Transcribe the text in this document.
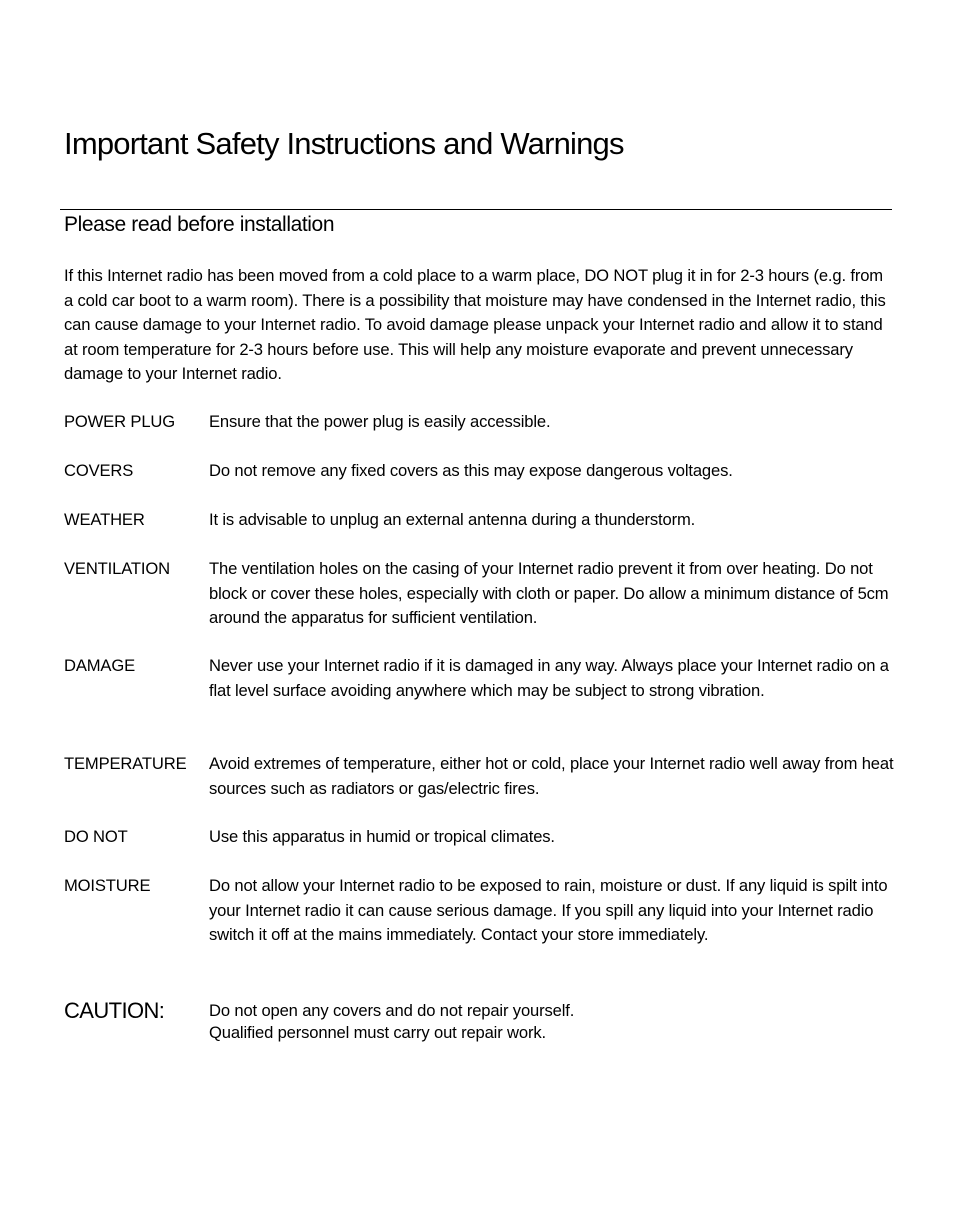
Important Safety Instructions and Warnings
Please read before installation

If this Internet radio has been moved from a cold place to a warm place, DO NOT plug it in for 2-3 hours (e.g. from a cold car boot to a warm room). There is a possibility that moisture may have condensed in the Internet radio, this can cause damage to your Internet radio. To avoid damage please unpack your Internet radio and allow it to stand at room temperature for 2-3 hours before use. This will help any moisture evaporate and prevent unnecessary damage to your Internet radio.

POWER PLUG	Ensure that the power plug is easily accessible.
COVERS	Do not remove any fixed covers as this may expose dangerous voltages.
WEATHER	It is advisable to unplug an external antenna during a thunderstorm.
VENTILATION	The ventilation holes on the casing of your Internet radio prevent it from over heating. Do not block or cover these holes, especially with cloth or paper. Do allow a minimum distance of 5cm around the apparatus for sufficient ventilation.
DAMAGE	Never use your Internet radio if it is damaged in any way. Always place your Internet radio on a flat level surface avoiding anywhere which may be subject to strong vibration.
TEMPERATURE	Avoid extremes of temperature, either hot or cold, place your Internet radio well away from heat sources such as radiators or gas/electric fires.
DO NOT	Use this apparatus in humid or tropical climates.
MOISTURE	Do not allow your Internet radio to be exposed to rain, moisture or dust. If any liquid is spilt into your Internet radio it can cause serious damage. If you spill any liquid into your Internet radio switch it off at the mains immediately. Contact your store immediately.
CAUTION:	Do not open any covers and do not repair yourself.
Qualified personnel must carry out repair work.
